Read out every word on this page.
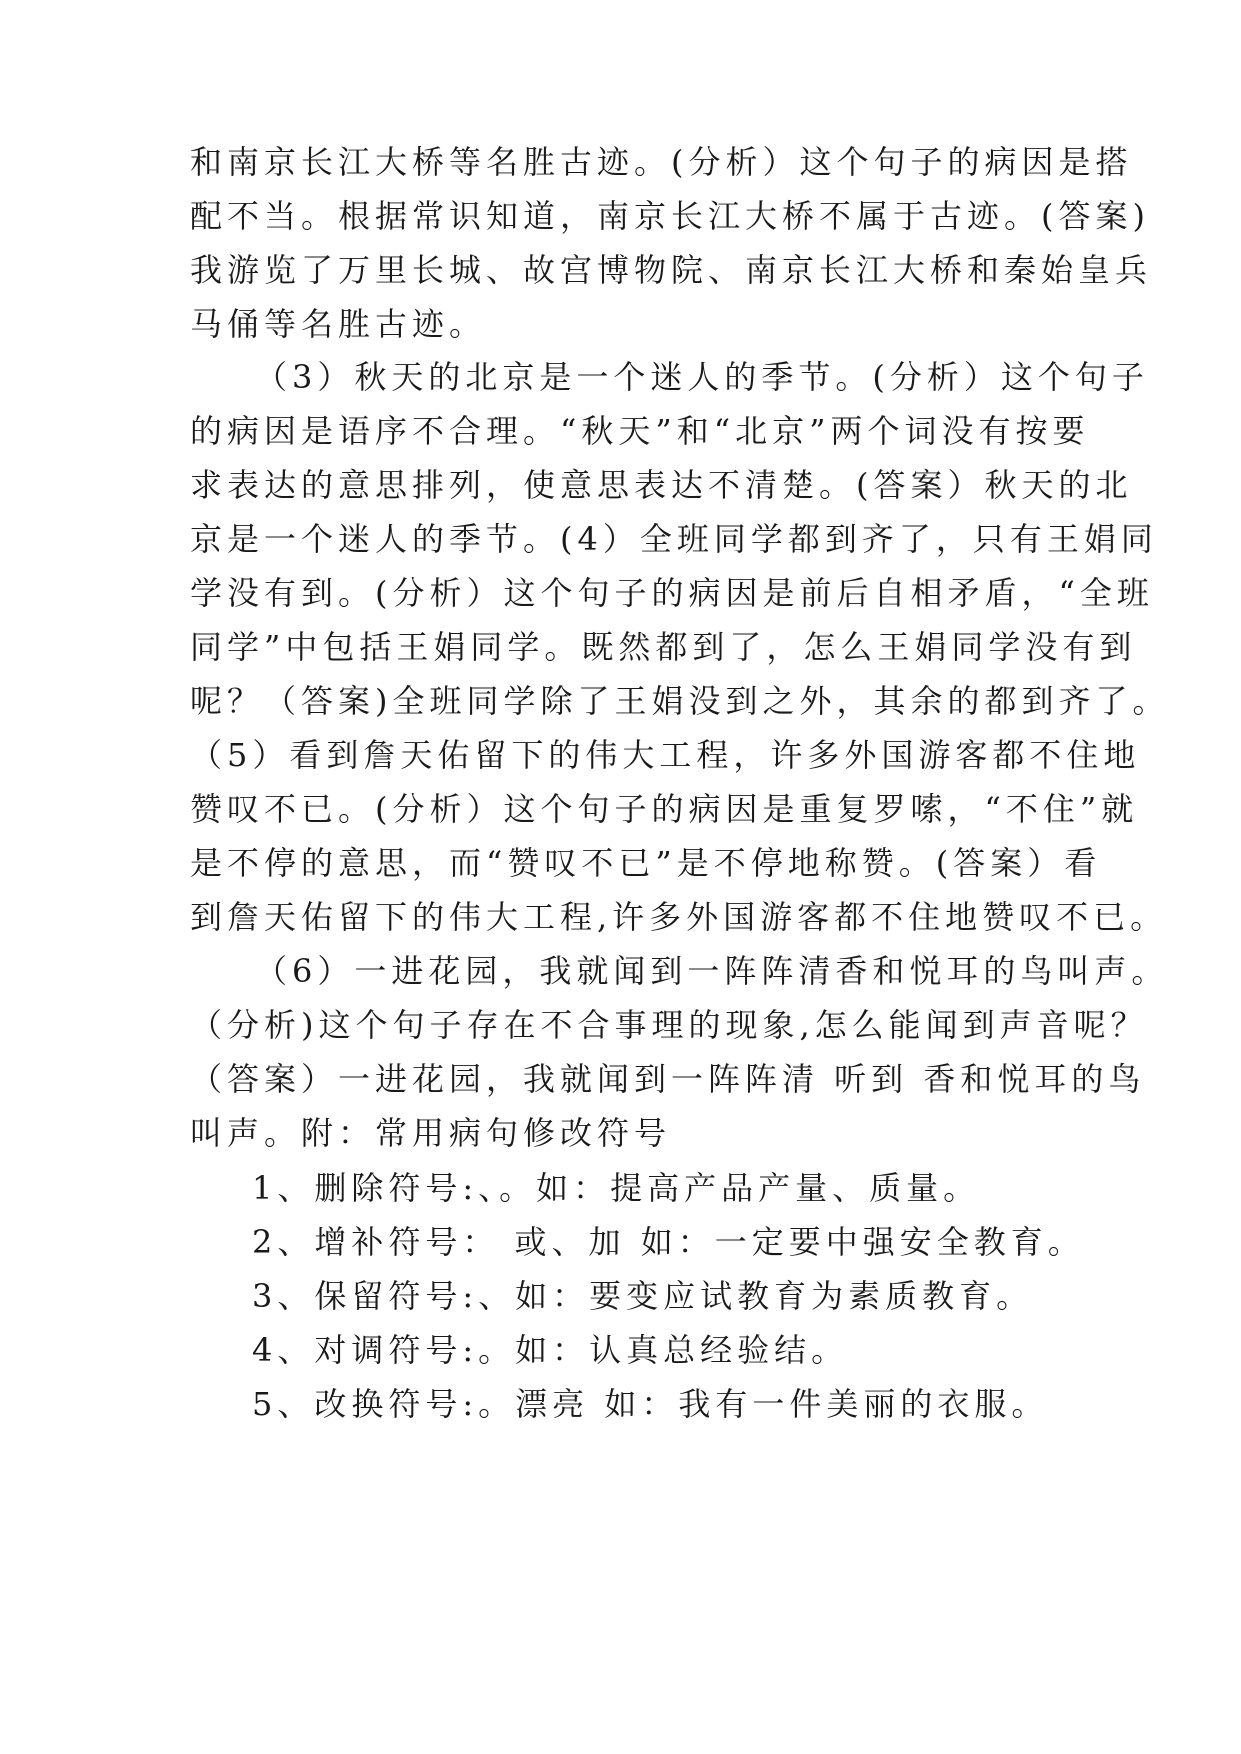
和南京长江大桥等名胜古迹。(分析）这个句子的病因是搭
配不当。根据常识知道，南京长江大桥不属于古迹。(答案)
我游览了万里长城、故宫博物院、南京长江大桥和秦始皇兵
马俑等名胜古迹。
（3）秋天的北京是一个迷人的季节。(分析）这个句子
的病因是语序不合理。“秋天”和“北京”两个词没有按要
求表达的意思排列，使意思表达不清楚。(答案）秋天的北
京是一个迷人的季节。(4）全班同学都到齐了，只有王娟同
学没有到。(分析）这个句子的病因是前后自相矛盾，“全班
同学”中包括王娟同学。既然都到了，怎么王娟同学没有到
呢？（答案)全班同学除了王娟没到之外，其余的都到齐了。
（5）看到詹天佑留下的伟大工程，许多外国游客都不住地
赞叹不已。(分析）这个句子的病因是重复罗嗦，“不住”就
是不停的意思，而“赞叹不已”是不停地称赞。(答案）看
到詹天佑留下的伟大工程,许多外国游客都不住地赞叹不已。
（6）一进花园，我就闻到一阵阵清香和悦耳的鸟叫声。
（分析)这个句子存在不合事理的现象,怎么能闻到声音呢？
（答案）一进花园，我就闻到一阵阵清 听到 香和悦耳的鸟
叫声。附：常用病句修改符号
1、删除符号:、。如：提高产品产量、质量。
2、增补符号： 或、加 如：一定要中强安全教育。
3、保留符号:、如：要变应试教育为素质教育。
4、对调符号:。如：认真总经验结。
5、改换符号:。漂亮 如：我有一件美丽的衣服。
